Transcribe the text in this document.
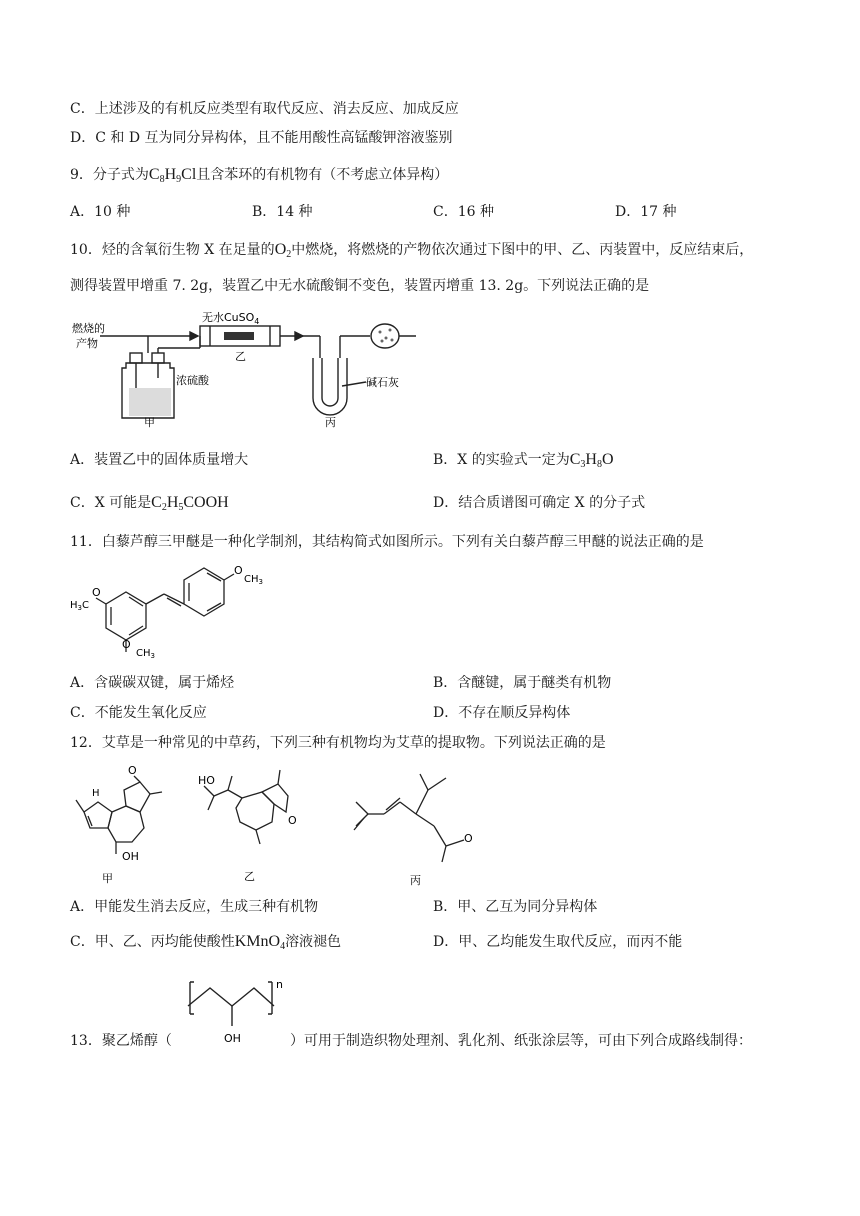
C．上述涉及的有机反应类型有取代反应、消去反应、加成反应
D．C 和 D 互为同分异构体，且不能用酸性高锰酸钾溶液鉴别
9．分子式为$C_8H_9Cl$且含苯环的有机物有（不考虑立体异构）
A．10 种	B．14 种	C．16 种	D．17 种
10．烃的含氧衍生物 X 在足量的$O_2$中燃烧，将燃烧的产物依次通过下图中的甲、乙、丙装置中，反应结束后，
测得装置甲增重 7. 2g，装置乙中无水硫酸铜不变色，装置丙增重 13. 2g。下列说法正确的是
燃烧的
产物
无水CuSO$_4$
乙
浓硫酸
甲
碱石灰
丙
A．装置乙中的固体质量增大	B．X 的实验式一定为$C_3H_8O$
C．X 可能是$C_2H_5COOH$	D．结合质谱图可确定 X 的分子式
11．白藜芦醇三甲醚是一种化学制剂，其结构简式如图所示。下列有关白藜芦醇三甲醚的说法正确的是
O
$CH_3$
$H_3C$
O
O
$CH_3$
A．含碳碳双键，属于烯烃	B．含醚键，属于醚类有机物
C．不能发生氧化反应	D．不存在顺反异构体
12．艾草是一种常见的中草药，下列三种有机物均为艾草的提取物。下列说法正确的是
O
H
OH
HO
O
O
甲	乙	丙
A．甲能发生消去反应，生成三种有机物	B．甲、乙互为同分异构体
C．甲、乙、丙均能使酸性KMnO$_4$溶液褪色	D．甲、乙均能发生取代反应，而丙不能
n
OH
13．聚乙烯醇（	）可用于制造织物处理剂、乳化剂、纸张涂层等，可由下列合成路线制得：
